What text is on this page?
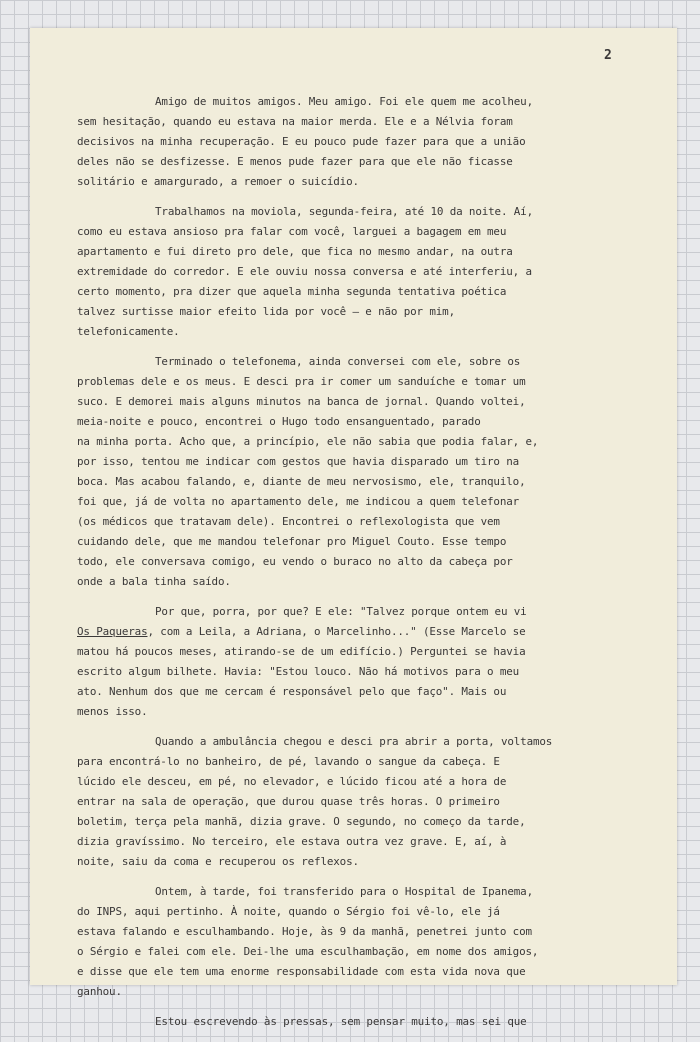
2
Amigo de muitos amigos. Meu amigo. Foi ele quem me acolheu,
sem hesitação, quando eu estava na maior merda. Ele e a Nélvia foram
decisivos na minha recuperação. E eu pouco pude fazer para que a união
deles não se desfizesse. E menos pude fazer para que ele não ficasse
solitário e amargurado, a remoer o suicídio.
Trabalhamos na moviola, segunda-feira, até 10 da noite. Aí,
como eu estava ansioso pra falar com você, larguei a bagagem em meu
apartamento e fui direto pro dele, que fica no mesmo andar, na outra
extremidade do corredor. E ele ouviu nossa conversa e até interferiu, a
certo momento, pra dizer que aquela minha segunda tentativa poética
talvez surtisse maior efeito lida por você — e não por mim,
telefonicamente.
Terminado o telefonema, ainda conversei com ele, sobre os
problemas dele e os meus. E desci pra ir comer um sanduíche e tomar um
suco. E demorei mais alguns minutos na banca de jornal. Quando voltei,
meia-noite e pouco, encontrei o Hugo todo ensanguentado, parado
na minha porta. Acho que, a princípio, ele não sabia que podia falar, e,
por isso, tentou me indicar com gestos que havia disparado um tiro na
boca. Mas acabou falando, e, diante de meu nervosismo, ele, tranquilo,
foi que, já de volta no apartamento dele, me indicou a quem telefonar
(os médicos que tratavam dele). Encontrei o reflexologista que vem
cuidando dele, que me mandou telefonar pro Miguel Couto. Esse tempo
todo, ele conversava comigo, eu vendo o buraco no alto da cabeça por
onde a bala tinha saído.
Por que, porra, por que? E ele: "Talvez porque ontem eu vi
Os Paqueras, com a Leila, a Adriana, o Marcelinho..." (Esse Marcelo se
matou há poucos meses, atirando-se de um edifício.) Perguntei se havia
escrito algum bilhete. Havia: "Estou louco. Não há motivos para o meu
ato. Nenhum dos que me cercam é responsável pelo que faço". Mais ou
menos isso.
Quando a ambulância chegou e desci pra abrir a porta, voltamos
para encontrá-lo no banheiro, de pé, lavando o sangue da cabeça. E
lúcido ele desceu, em pé, no elevador, e lúcido ficou até a hora de
entrar na sala de operação, que durou quase três horas. O primeiro
boletim, terça pela manhã, dizia grave. O segundo, no começo da tarde,
dizia gravíssimo. No terceiro, ele estava outra vez grave. E, aí, à
noite, saiu da coma e recuperou os reflexos.
Ontem, à tarde, foi transferido para o Hospital de Ipanema,
do INPS, aqui pertinho. À noite, quando o Sérgio foi vê-lo, ele já
estava falando e esculhambando. Hoje, às 9 da manhã, penetrei junto com
o Sérgio e falei com ele. Dei-lhe uma esculhambação, em nome dos amigos,
e disse que ele tem uma enorme responsabilidade com esta vida nova que
ganhou.
Estou escrevendo às pressas, sem pensar muito, mas sei que
